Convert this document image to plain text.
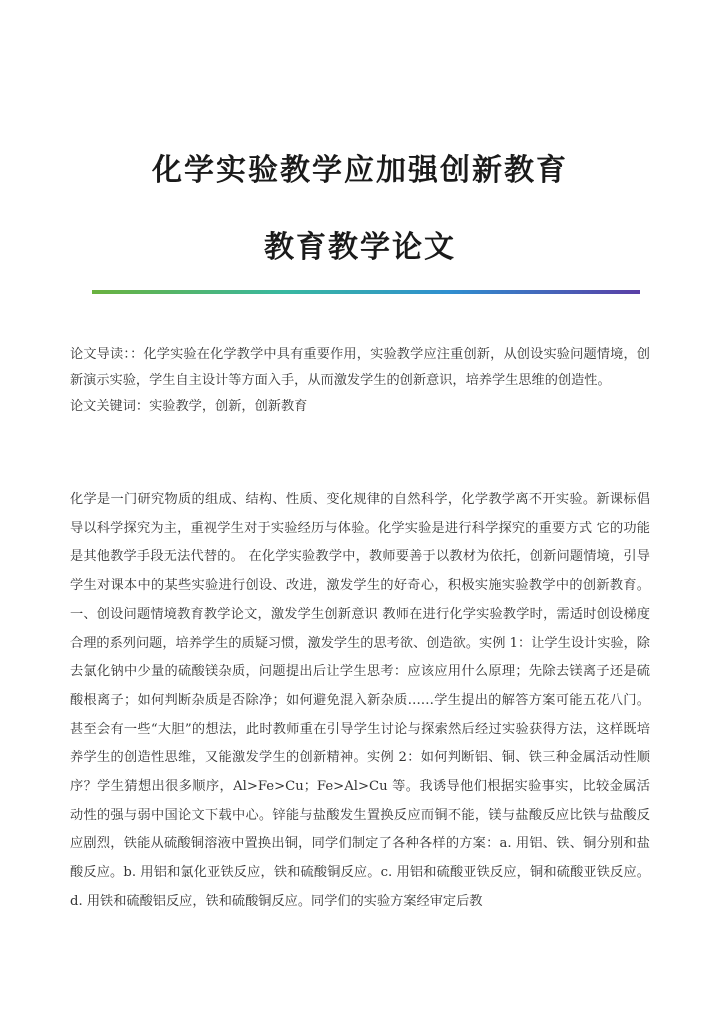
化学实验教学应加强创新教育
教育教学论文

论文导读：：化学实验在化学教学中具有重要作用，实验教学应注重创新，从创设实验问题情境，创新演示实验，学生自主设计等方面入手，从而激发学生的创新意识，培养学生思维的创造性。

论文关键词：实验教学，创新，创新教育

化学是一门研究物质的组成、结构、性质、变化规律的自然科学，化学教学离不开实验。新课标倡导以科学探究为主，重视学生对于实验经历与体验。化学实验是进行科学探究的重要方式 它的功能是其他教学手段无法代替的。 在化学实验教学中，教师要善于以教材为依托，创新问题情境，引导学生对课本中的某些实验进行创设、改进，激发学生的好奇心，积极实施实验教学中的创新教育。 一、创设问题情境教育教学论文，激发学生创新意识 教师在进行化学实验教学时，需适时创设梯度合理的系列问题，培养学生的质疑习惯，激发学生的思考欲、创造欲。实例 1：让学生设计实验，除去氯化钠中少量的硫酸镁杂质，问题提出后让学生思考：应该应用什么原理；先除去镁离子还是硫酸根离子；如何判断杂质是否除净；如何避免混入新杂质……学生提出的解答方案可能五花八门。甚至会有一些“大胆”的想法，此时教师重在引导学生讨论与探索然后经过实验获得方法，这样既培养学生的创造性思维，又能激发学生的创新精神。实例 2：如何判断铝、铜、铁三种金属活动性顺序？学生猜想出很多顺序，Al>Fe>Cu；Fe>Al>Cu 等。我诱导他们根据实验事实，比较金属活动性的强与弱中国论文下载中心。锌能与盐酸发生置换反应而铜不能，镁与盐酸反应比铁与盐酸反应剧烈，铁能从硫酸铜溶液中置换出铜，同学们制定了各种各样的方案：a. 用铝、铁、铜分别和盐酸反应。b. 用铝和氯化亚铁反应，铁和硫酸铜反应。c. 用铝和硫酸亚铁反应，铜和硫酸亚铁反应。d. 用铁和硫酸铝反应，铁和硫酸铜反应。同学们的实验方案经审定后教
